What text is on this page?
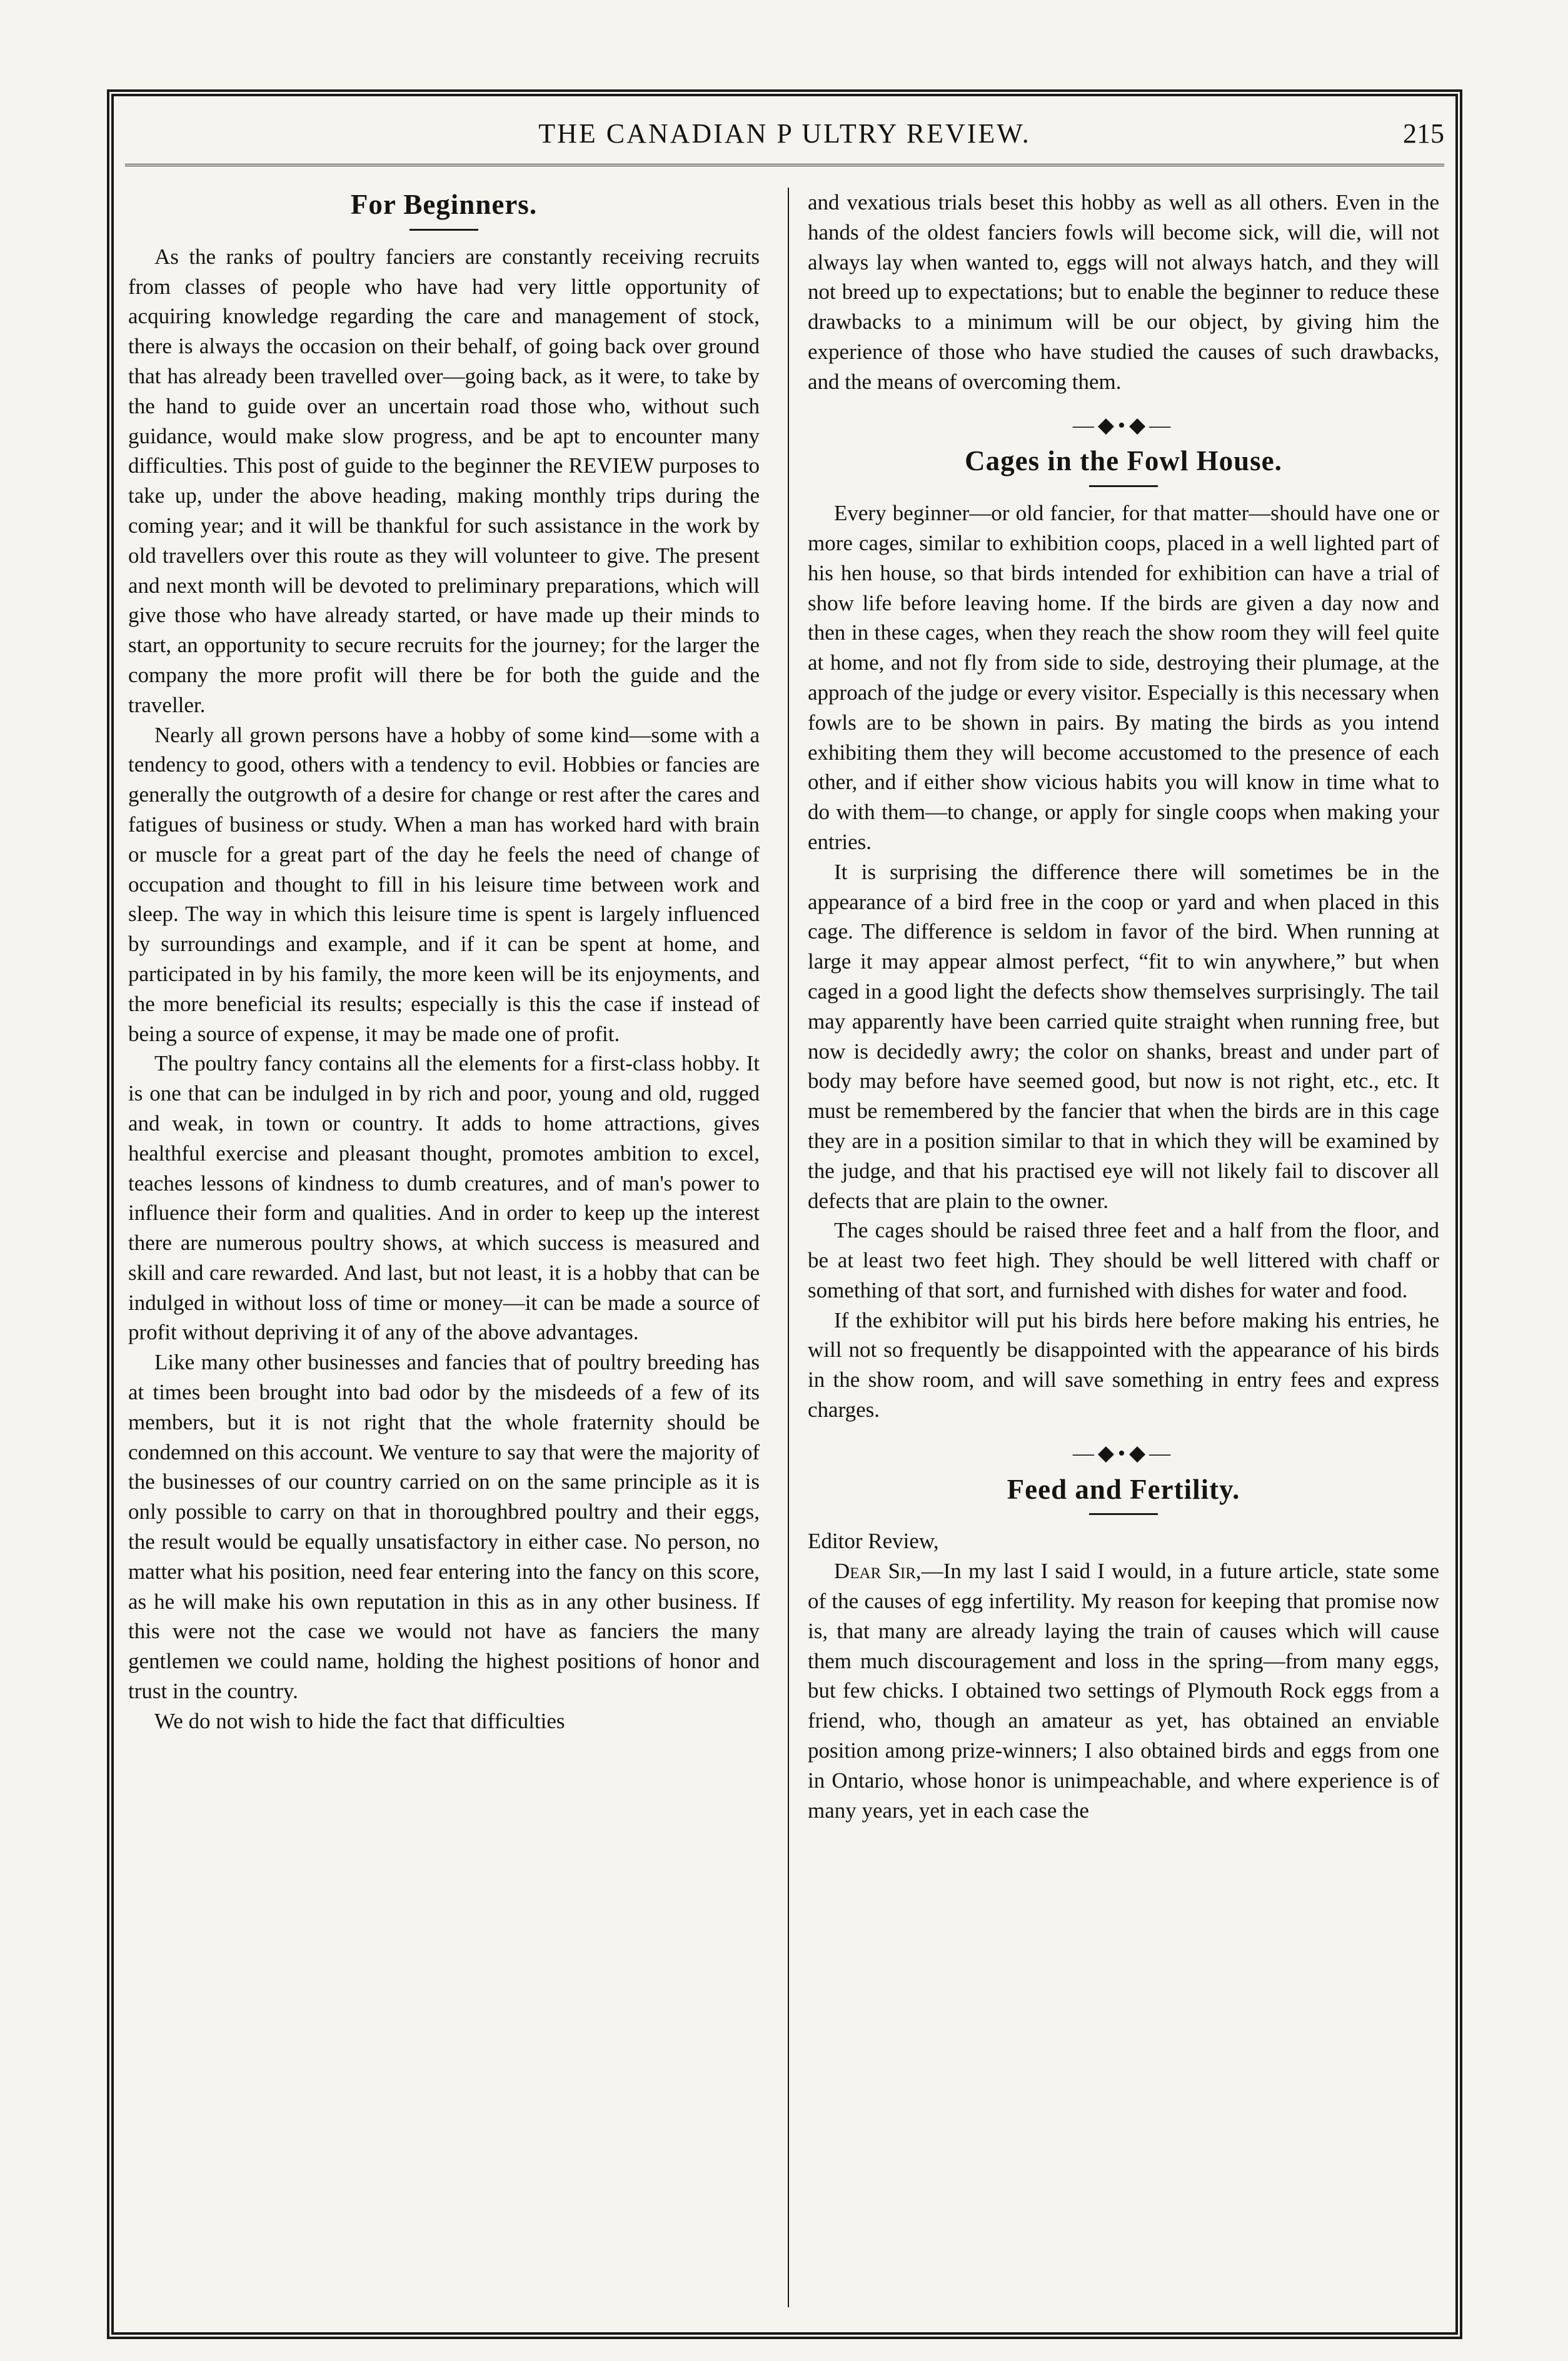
THE CANADIAN P ULTRY REVIEW.	215
For Beginners.

As the ranks of poultry fanciers are constantly receiving recruits from classes of people who have had very little opportunity of acquiring knowledge regarding the care and management of stock, there is always the occasion on their behalf, of going back over ground that has already been travelled over—going back, as it were, to take by the hand to guide over an uncertain road those who, without such guidance, would make slow progress, and be apt to encounter many difficulties. This post of guide to the beginner the REVIEW purposes to take up, under the above heading, making monthly trips during the coming year; and it will be thankful for such assistance in the work by old travellers over this route as they will volunteer to give. The present and next month will be devoted to preliminary preparations, which will give those who have already started, or have made up their minds to start, an opportunity to secure recruits for the journey; for the larger the company the more profit will there be for both the guide and the traveller.

Nearly all grown persons have a hobby of some kind—some with a tendency to good, others with a tendency to evil. Hobbies or fancies are generally the outgrowth of a desire for change or rest after the cares and fatigues of business or study. When a man has worked hard with brain or muscle for a great part of the day he feels the need of change of occupation and thought to fill in his leisure time between work and sleep. The way in which this leisure time is spent is largely influenced by surroundings and example, and if it can be spent at home, and participated in by his family, the more keen will be its enjoyments, and the more beneficial its results; especially is this the case if instead of being a source of expense, it may be made one of profit.

The poultry fancy contains all the elements for a first-class hobby. It is one that can be indulged in by rich and poor, young and old, rugged and weak, in town or country. It adds to home attractions, gives healthful exercise and pleasant thought, promotes ambition to excel, teaches lessons of kindness to dumb creatures, and of man's power to influence their form and qualities. And in order to keep up the interest there are numerous poultry shows, at which success is measured and skill and care rewarded. And last, but not least, it is a hobby that can be indulged in without loss of time or money—it can be made a source of profit without depriving it of any of the above advantages.

Like many other businesses and fancies that of poultry breeding has at times been brought into bad odor by the misdeeds of a few of its members, but it is not right that the whole fraternity should be condemned on this account. We venture to say that were the majority of the businesses of our country carried on on the same principle as it is only possible to carry on that in thoroughbred poultry and their eggs, the result would be equally unsatisfactory in either case. No person, no matter what his position, need fear entering into the fancy on this score, as he will make his own reputation in this as in any other business. If this were not the case we would not have as fanciers the many gentlemen we could name, holding the highest positions of honor and trust in the country.

We do not wish to hide the fact that difficulties

and vexatious trials beset this hobby as well as all others. Even in the hands of the oldest fanciers fowls will become sick, will die, will not always lay when wanted to, eggs will not always hatch, and they will not breed up to expectations; but to enable the beginner to reduce these drawbacks to a minimum will be our object, by giving him the experience of those who have studied the causes of such drawbacks, and the means of overcoming them.

—◆•◆—
Cages in the Fowl House.

Every beginner—or old fancier, for that matter—should have one or more cages, similar to exhibition coops, placed in a well lighted part of his hen house, so that birds intended for exhibition can have a trial of show life before leaving home. If the birds are given a day now and then in these cages, when they reach the show room they will feel quite at home, and not fly from side to side, destroying their plumage, at the approach of the judge or every visitor. Especially is this necessary when fowls are to be shown in pairs. By mating the birds as you intend exhibiting them they will become accustomed to the presence of each other, and if either show vicious habits you will know in time what to do with them—to change, or apply for single coops when making your entries.

It is surprising the difference there will sometimes be in the appearance of a bird free in the coop or yard and when placed in this cage. The difference is seldom in favor of the bird. When running at large it may appear almost perfect, “fit to win anywhere,” but when caged in a good light the defects show themselves surprisingly. The tail may apparently have been carried quite straight when running free, but now is decidedly awry; the color on shanks, breast and under part of body may before have seemed good, but now is not right, etc., etc. It must be remembered by the fancier that when the birds are in this cage they are in a position similar to that in which they will be examined by the judge, and that his practised eye will not likely fail to discover all defects that are plain to the owner.

The cages should be raised three feet and a half from the floor, and be at least two feet high. They should be well littered with chaff or something of that sort, and furnished with dishes for water and food.

If the exhibitor will put his birds here before making his entries, he will not so frequently be disappointed with the appearance of his birds in the show room, and will save something in entry fees and express charges.

—◆•◆—
Feed and Fertility.

Editor Review,

Dear Sir,—In my last I said I would, in a future article, state some of the causes of egg infertility. My reason for keeping that promise now is, that many are already laying the train of causes which will cause them much discouragement and loss in the spring—from many eggs, but few chicks. I obtained two settings of Plymouth Rock eggs from a friend, who, though an amateur as yet, has obtained an enviable position among prize-winners; I also obtained birds and eggs from one in Ontario, whose honor is unimpeachable, and where experience is of many years, yet in each case the
